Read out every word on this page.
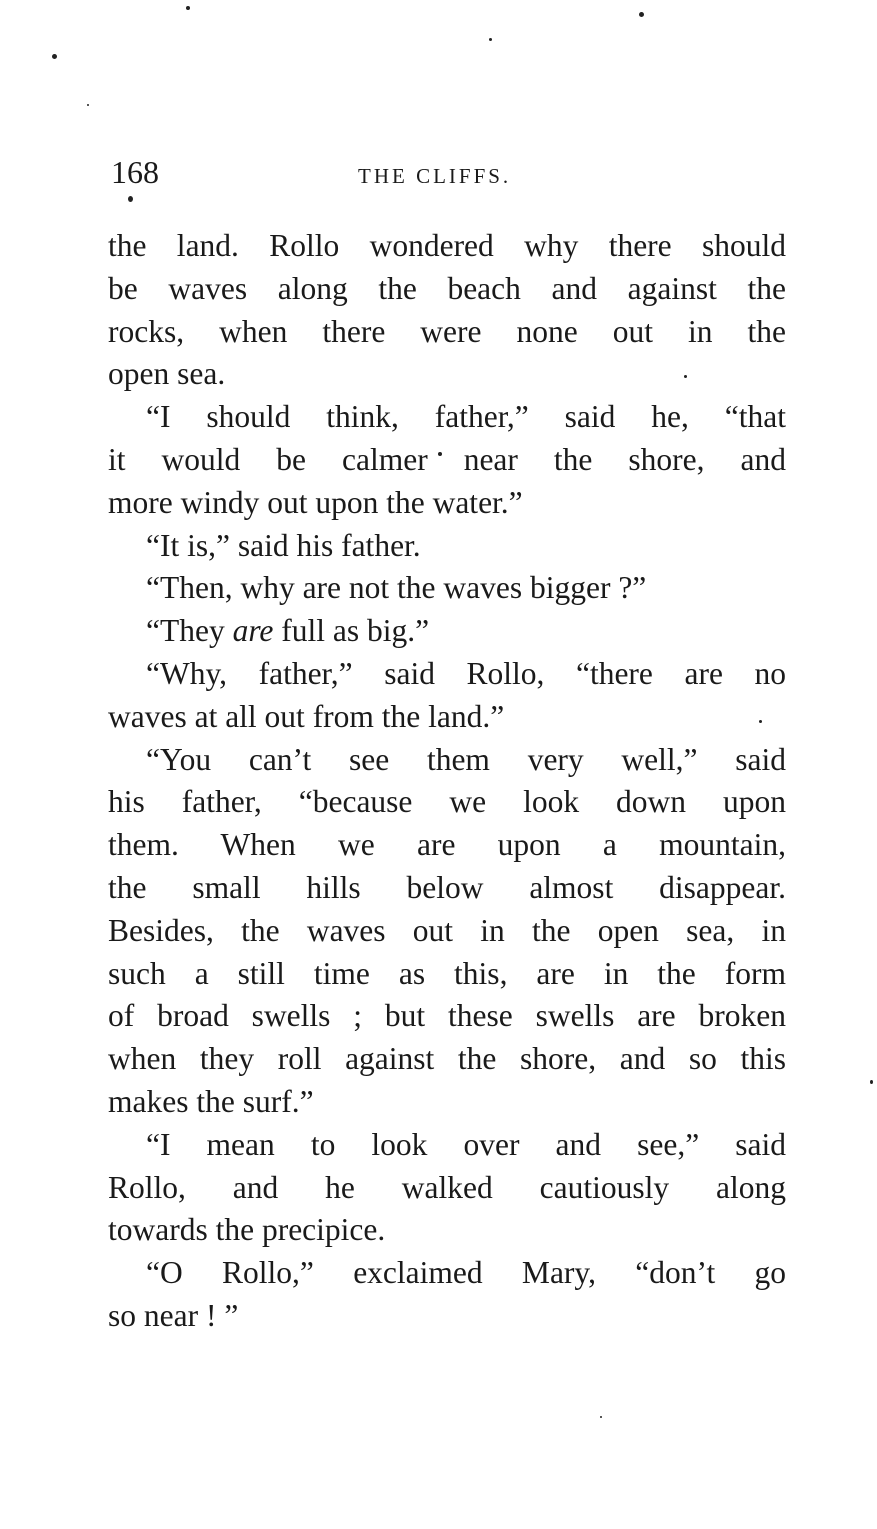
168	THE CLIFFS.
the land. Rollo wondered why there should
be waves along the beach and against the
rocks, when there were none out in the
open sea.
“I should think, father,” said he, “that
it would be calmer near the shore, and
more windy out upon the water.”
“It is,” said his father.
“Then, why are not the waves bigger ?”
“They are full as big.”
“Why, father,” said Rollo, “there are no
waves at all out from the land.”
“You can’t see them very well,” said
his father, “because we look down upon
them. When we are upon a mountain,
the small hills below almost disappear.
Besides, the waves out in the open sea, in
such a still time as this, are in the form
of broad swells ; but these swells are broken
when they roll against the shore, and so this
makes the surf.”
“I mean to look over and see,” said
Rollo, and he walked cautiously along
towards the precipice.
“O Rollo,” exclaimed Mary, “don’t go
so near ! ”
